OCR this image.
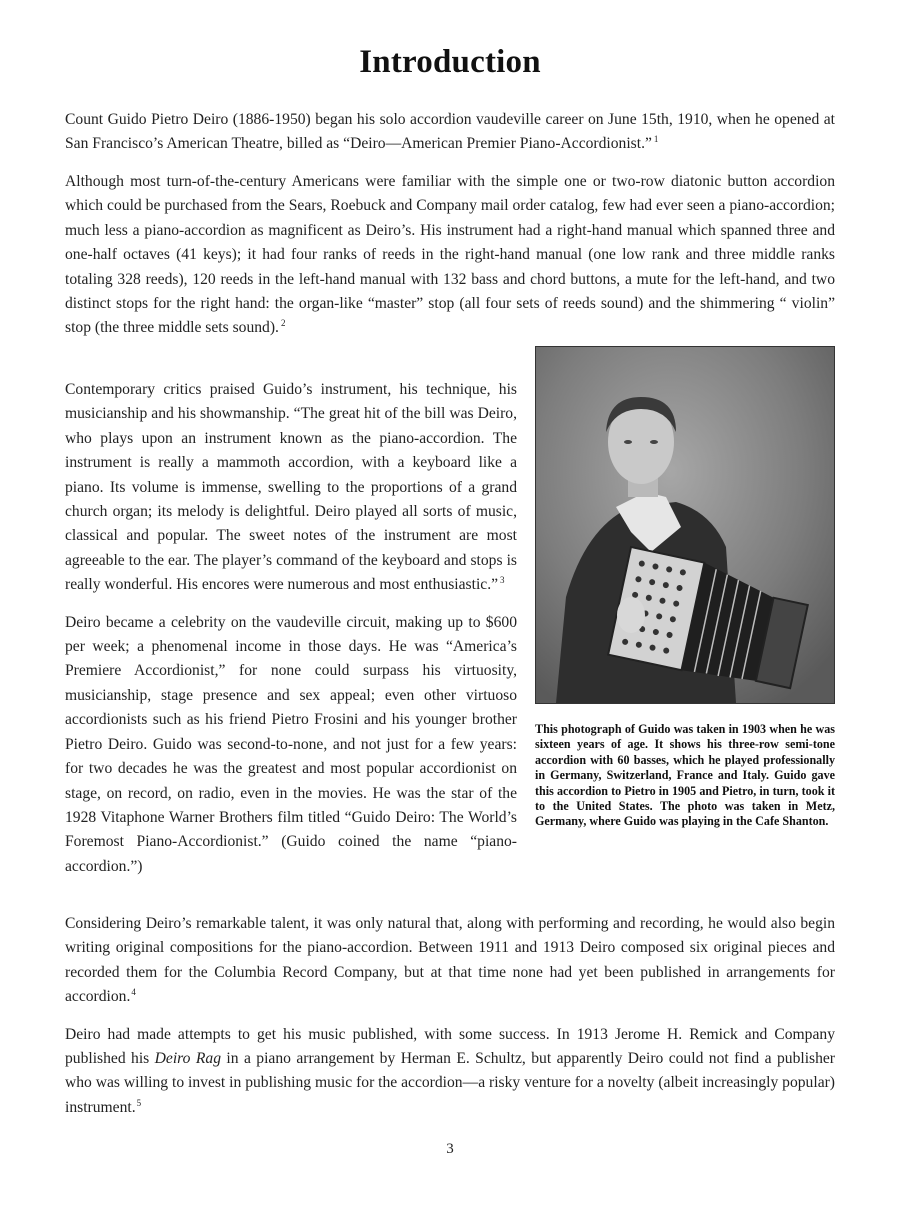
Introduction

Count Guido Pietro Deiro (1886-1950) began his solo accordion vaudeville career on June 15th, 1910, when he opened at San Francisco’s American Theatre, billed as “Deiro—American Premier Piano-Accordionist.” $^1$

Although most turn-of-the-century Americans were familiar with the simple one or two-row diatonic button accordion which could be purchased from the Sears, Roebuck and Company mail order catalog, few had ever seen a piano-accordion; much less a piano-accordion as magnificent as Deiro’s. His instrument had a right-hand manual which spanned three and one-half octaves (41 keys); it had four ranks of reeds in the right-hand manual (one low rank and three middle ranks totaling 328 reeds), 120 reeds in the left-hand manual with 132 bass and chord buttons, a mute for the left-hand, and two distinct stops for the right hand: the organ-like “master” stop (all four sets of reeds sound) and the shimmering “ violin” stop (the three middle sets sound). $^2$

Contemporary critics praised Guido’s instrument, his technique, his musicianship and his showmanship. “The great hit of the bill was Deiro, who plays upon an instrument known as the piano-accordion. The instrument is really a mammoth accordion, with a keyboard like a piano. Its volume is immense, swelling to the proportions of a grand church organ; its melody is delightful. Deiro played all sorts of music, classical and popular. The sweet notes of the instrument are most agreeable to the ear. The player’s command of the keyboard and stops is really wonderful. His encores were numerous and most enthusiastic.” $^3$

Deiro became a celebrity on the vaudeville circuit, making up to $600 per week; a phenomenal income in those days. He was “America’s Premiere Accordionist,” for none could surpass his virtuosity, musicianship, stage presence and sex appeal; even other virtuoso accordionists such as his friend Pietro Frosini and his younger brother Pietro Deiro. Guido was second-to-none, and not just for a few years: for two decades he was the greatest and most popular accordionist on stage, on record, on radio, even in the movies. He was the star of the 1928 Vitaphone Warner Brothers film titled “Guido Deiro: The World’s Foremost Piano-Accordionist.” (Guido coined the name “piano-accordion.”)

This photograph of Guido was taken in 1903 when he was sixteen years of age. It shows his three-row semi-tone accordion with 60 basses, which he played professionally in Germany, Switzerland, France and Italy. Guido gave this accordion to Pietro in 1905 and Pietro, in turn, took it to the United States. The photo was taken in Metz, Germany, where Guido was playing in the Cafe Shanton.

Considering Deiro’s remarkable talent, it was only natural that, along with performing and recording, he would also begin writing original compositions for the piano-accordion. Between 1911 and 1913 Deiro composed six original pieces and recorded them for the Columbia Record Company, but at that time none had yet been published in arrangements for accordion.$^4$

Deiro had made attempts to get his music published, with some success. In 1913 Jerome H. Remick and Company published his Deiro Rag in a piano arrangement by Herman E. Schultz, but apparently Deiro could not find a publisher who was willing to invest in publishing music for the accordion—a risky venture for a novelty (albeit increasingly popular) instrument.$^5$

3
